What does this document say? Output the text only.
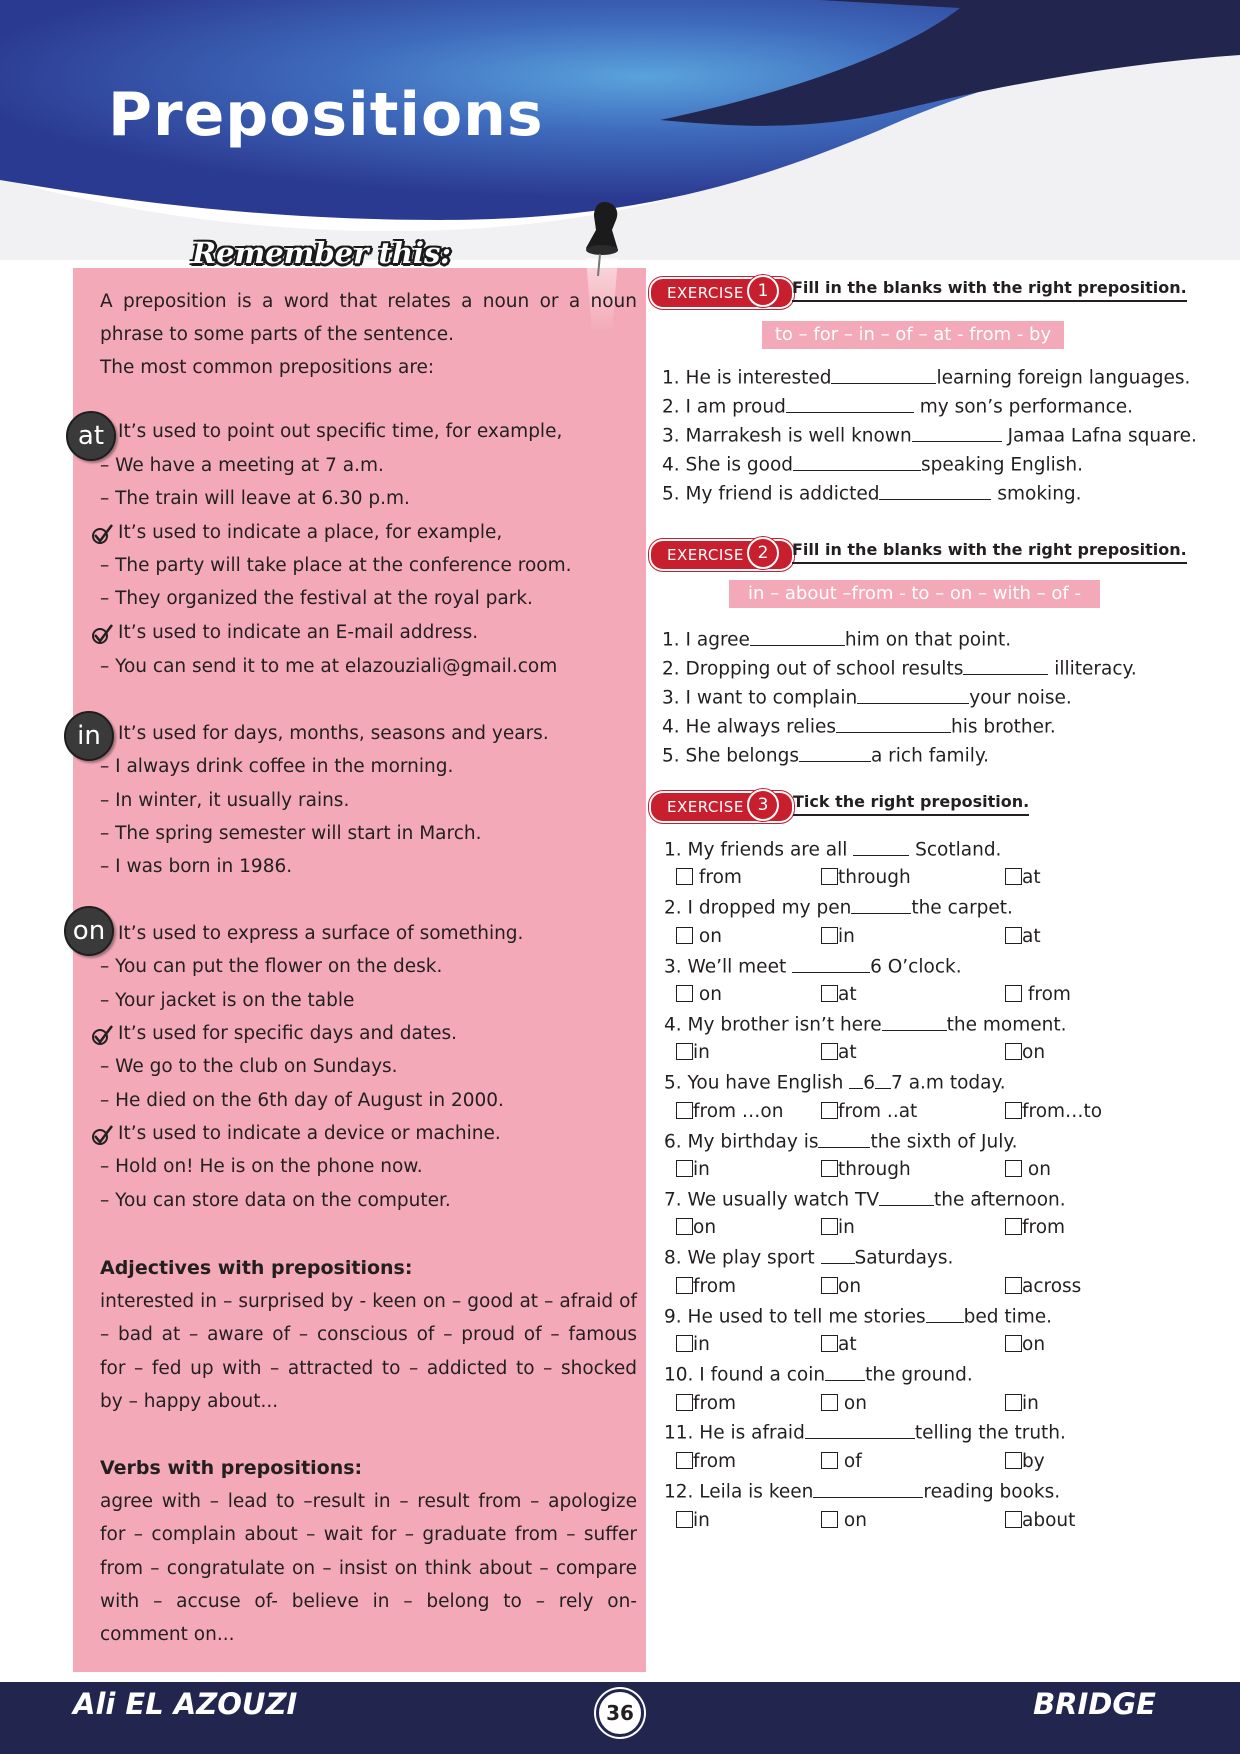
Prepositions
Remember this:

A preposition is a word that relates a noun or a noun

phrase to some parts of the sentence.

The most common prepositions are:

at It’s used to point out specific time, for example,
– We have a meeting at 7 a.m.
– The train will leave at 6.30 p.m.
It’s used to indicate a place, for example,
– The party will take place at the conference room.
– They organized the festival at the royal park.
It’s used to indicate an E-mail address.
– You can send it to me at elazouziali@gmail.com
in It’s used for days, months, seasons and years.
– I always drink coffee in the morning.
– In winter, it usually rains.
– The spring semester will start in March.
– I was born in 1986.
on It’s used to express a surface of something.
– You can put the flower on the desk.
– Your jacket is on the table
It’s used for specific days and dates.
– We go to the club on Sundays.
– He died on the 6th day of August in 2000.
It’s used to indicate a device or machine.
– Hold on! He is on the phone now.
– You can store data on the computer.
Adjectives with prepositions:

interested in – surprised by - keen on – good at – afraid of

– bad at – aware of – conscious of – proud of – famous

for – fed up with – attracted to – addicted to – shocked

by – happy about...

Verbs with prepositions:

agree with – lead to –result in – result from – apologize

for – complain about – wait for – graduate from – suffer

from – congratulate on – insist on think about – compare

with – accuse of- believe in – belong to – rely on-

comment on...

EXERCISE 1	Fill in the blanks with the right preposition.
to – for – in – of – at - from - by
1. He is interested	learning foreign languages.
2. I am proud	my son’s performance.
3. Marrakesh is well known	Jamaa Lafna square.
4. She is good	speaking English.
5. My friend is addicted	smoking.
EXERCISE 2	Fill in the blanks with the right preposition.
in – about –from - to – on – with – of -
1. I agree	him on that point.
2. Dropping out of school results	illiteracy.
3. I want to complain	your noise.
4. He always relies	his brother.
5. She belongs	a rich family.
EXERCISE 3	Tick the right preposition.
1. My friends are all	Scotland.
from	through	at
2. I dropped my pen	the carpet.
on	in	at
3. We’ll meet	6 O’clock.
on	at	from
4. My brother isn’t here	the moment.
in	at	on
5. You have English 6 7 a.m today.
from …on	from ..at	from…to
6. My birthday is	the sixth of July.
in	through	on
7. We usually watch TV	the afternoon.
on	in	from
8. We play sport Saturdays.
from	on	across
9. He used to tell me stories bed time.
in	at	on
10. I found a coin the ground.
from	on	in
11. He is afraid	telling the truth.
from	of	by
12. Leila is keen	reading books.
in	on	about
Ali EL AZOUZI	36	BRIDGE
